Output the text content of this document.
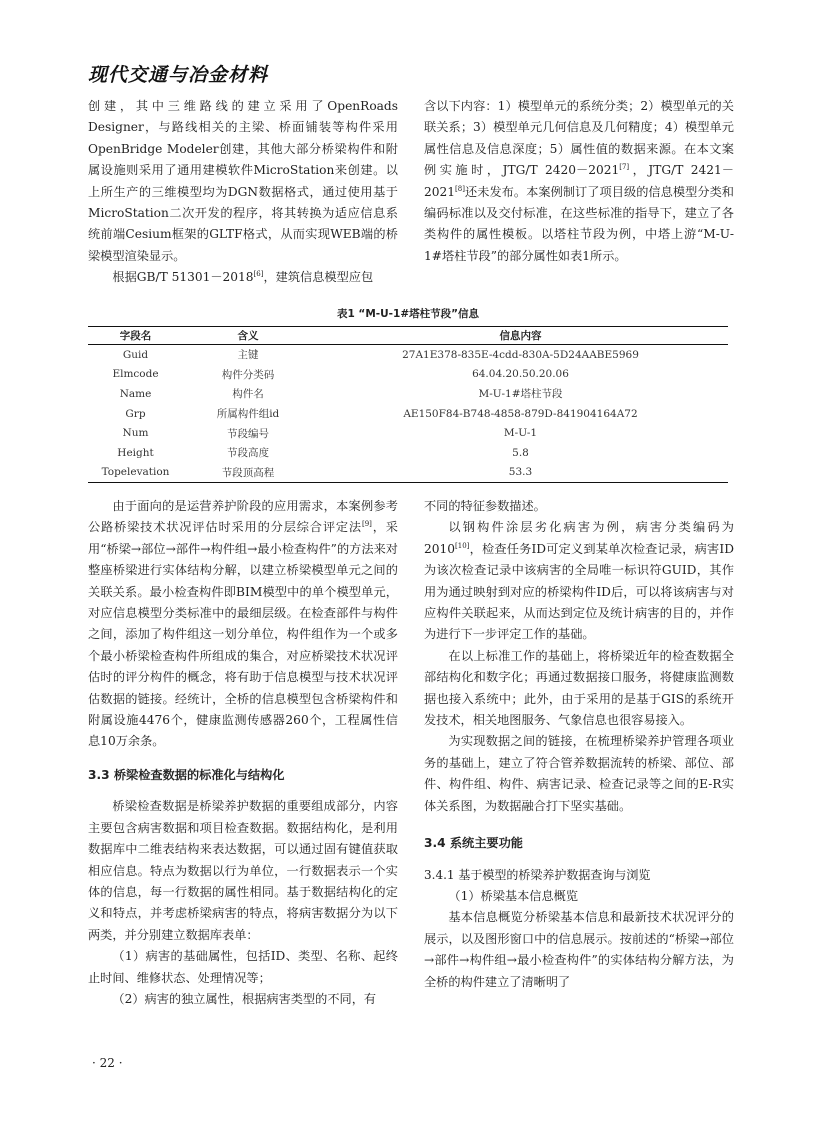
现代交通与冶金材料

创建，其中三维路线的建立采用了OpenRoads Designer，与路线相关的主梁、桥面铺装等构件采用OpenBridge Modeler创建，其他大部分桥梁构件和附属设施则采用了通用建模软件MicroStation来创建。以上所生产的三维模型均为DGN数据格式，通过使用基于MicroStation二次开发的程序，将其转换为适应信息系统前端Cesium框架的GLTF格式，从而实现WEB端的桥梁模型渲染显示。

根据GB/T 51301－2018[6]，建筑信息模型应包

含以下内容：1）模型单元的系统分类；2）模型单元的关联关系；3）模型单元几何信息及几何精度；4）模型单元属性信息及信息深度；5）属性值的数据来源。在本文案例实施时，JTG/T 2420－2021[7]，JTG/T 2421－2021[8]还未发布。本案例制订了项目级的信息模型分类和编码标准以及交付标准，在这些标准的指导下，建立了各类构件的属性模板。以塔柱节段为例，中塔上游“M-U-1#塔柱节段”的部分属性如表1所示。

表1 “M-U-1#塔柱节段”信息
字段名	含义	信息内容
Guid	主键	27A1E378-835E-4cdd-830A-5D24AABE5969
Elmcode	构件分类码	64.04.20.50.20.06
Name	构件名	M-U-1#塔柱节段
Grp	所属构件组id	AE150F84-B748-4858-879D-841904164A72
Num	节段编号	M-U-1
Height	节段高度	5.8
Topelevation	节段顶高程	53.3

由于面向的是运营养护阶段的应用需求，本案例参考公路桥梁技术状况评估时采用的分层综合评定法[9]，采用“桥梁→部位→部件→构件组→最小检查构件”的方法来对整座桥梁进行实体结构分解，以建立桥梁模型单元之间的关联关系。最小检查构件即BIM模型中的单个模型单元，对应信息模型分类标准中的最细层级。在检查部件与构件之间，添加了构件组这一划分单位，构件组作为一个或多个最小桥梁检查构件所组成的集合，对应桥梁技术状况评估时的评分构件的概念，将有助于信息模型与技术状况评估数据的链接。经统计，全桥的信息模型包含桥梁构件和附属设施4476个，健康监测传感器260个，工程属性信息10万余条。

3.3 桥梁检查数据的标准化与结构化

桥梁检查数据是桥梁养护数据的重要组成部分，内容主要包含病害数据和项目检查数据。数据结构化，是利用数据库中二维表结构来表达数据，可以通过固有键值获取相应信息。特点为数据以行为单位，一行数据表示一个实体的信息，每一行数据的属性相同。基于数据结构化的定义和特点，并考虑桥梁病害的特点，将病害数据分为以下两类，并分别建立数据库表单：

（1）病害的基础属性，包括ID、类型、名称、起终止时间、维修状态、处理情况等；

（2）病害的独立属性，根据病害类型的不同，有

不同的特征参数描述。

以钢构件涂层劣化病害为例，病害分类编码为2010[10]，检查任务ID可定义到某单次检查记录，病害ID为该次检查记录中该病害的全局唯一标识符GUID，其作用为通过映射到对应的桥梁构件ID后，可以将该病害与对应构件关联起来，从而达到定位及统计病害的目的，并作为进行下一步评定工作的基础。

在以上标准工作的基础上，将桥梁近年的检查数据全部结构化和数字化；再通过数据接口服务，将健康监测数据也接入系统中；此外，由于采用的是基于GIS的系统开发技术，相关地图服务、气象信息也很容易接入。

为实现数据之间的链接，在梳理桥梁养护管理各项业务的基础上，建立了符合管养数据流转的桥梁、部位、部件、构件组、构件、病害记录、检查记录等之间的E-R实体关系图，为数据融合打下坚实基础。

3.4 系统主要功能

3.4.1 基于模型的桥梁养护数据查询与浏览

（1）桥梁基本信息概览

基本信息概览分桥梁基本信息和最新技术状况评分的展示，以及图形窗口中的信息展示。按前述的“桥梁→部位→部件→构件组→最小检查构件”的实体结构分解方法，为全桥的构件建立了清晰明了

· 22 ·
